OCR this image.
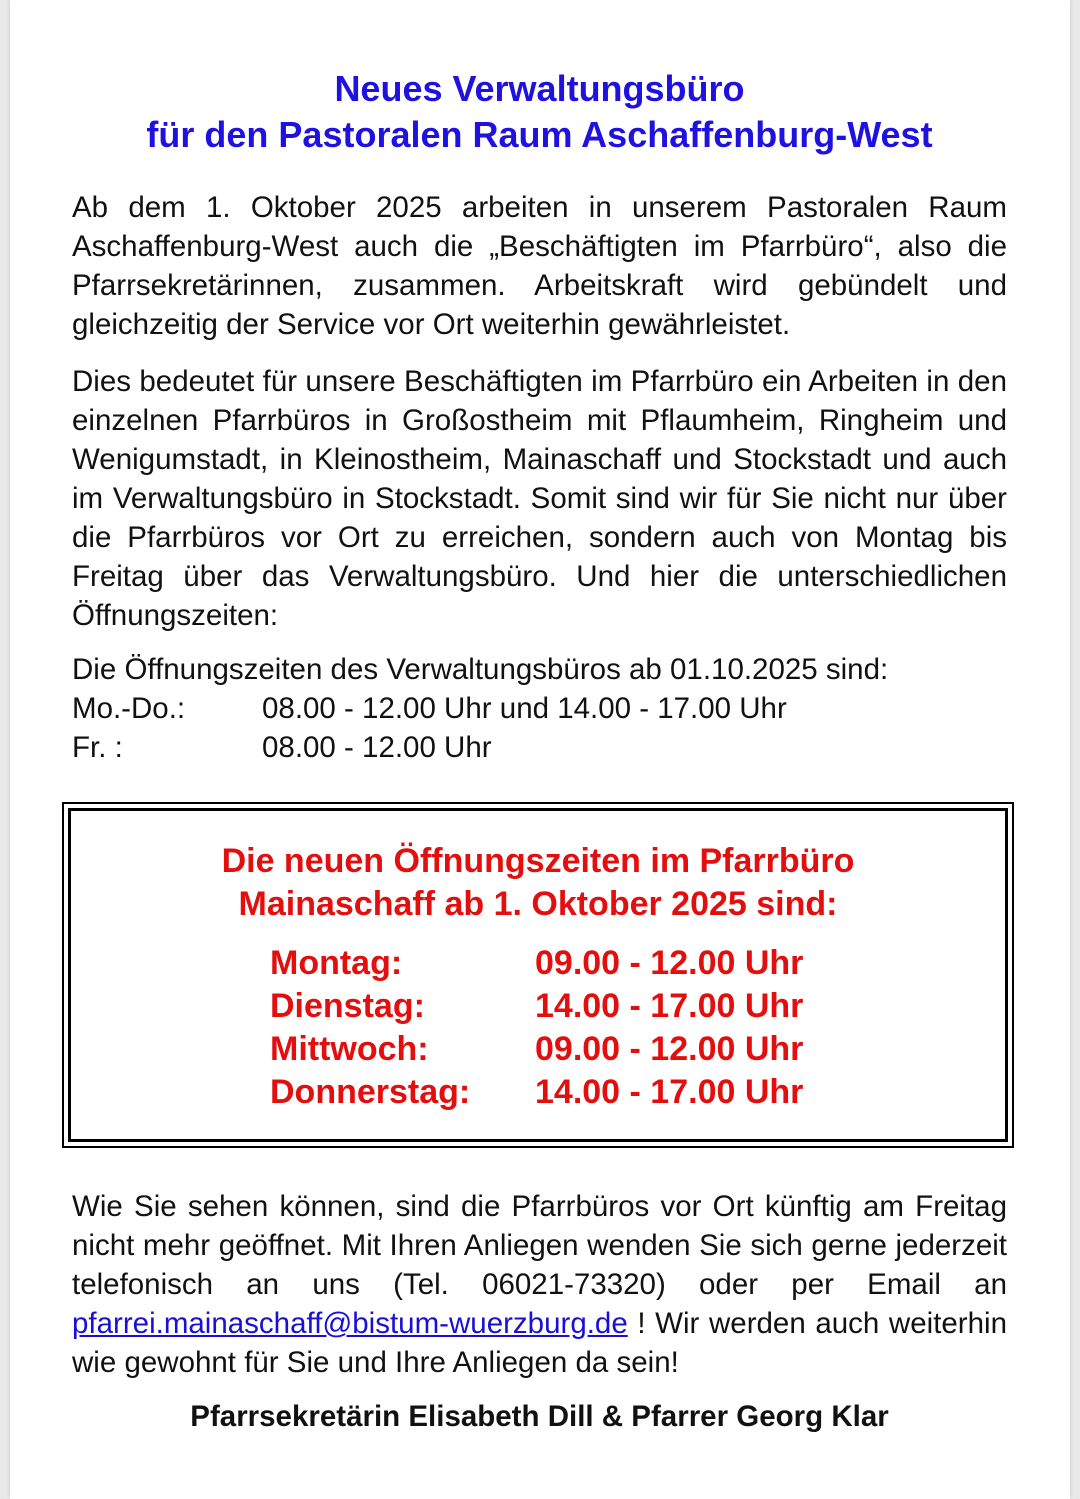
Neues Verwaltungsbüro
für den Pastoralen Raum Aschaffenburg-West
Ab dem 1. Oktober 2025 arbeiten in unserem Pastoralen Raum Aschaffenburg-West auch die „Beschäftigten im Pfarrbüro“, also die Pfarrsekretärinnen, zusammen. Arbeitskraft wird gebündelt und gleichzeitig der Service vor Ort weiterhin gewährleistet.
Dies bedeutet für unsere Beschäftigten im Pfarrbüro ein Arbeiten in den einzelnen Pfarrbüros in Großostheim mit Pflaumheim, Ringheim und Wenigumstadt, in Kleinostheim, Mainaschaff und Stockstadt und auch im Verwaltungsbüro in Stockstadt. Somit sind wir für Sie nicht nur über die Pfarrbüros vor Ort zu erreichen, sondern auch von Montag bis Freitag über das Verwaltungsbüro. Und hier die unterschiedlichen Öffnungszeiten:
Die Öffnungszeiten des Verwaltungsbüros ab 01.10.2025 sind:
Mo.-Do.:	08.00 - 12.00 Uhr und 14.00 - 17.00 Uhr
Fr. :	08.00 - 12.00 Uhr
Wie Sie sehen können, sind die Pfarrbüros vor Ort künftig am Freitag nicht mehr geöffnet. Mit Ihren Anliegen wenden Sie sich gerne jederzeit telefonisch an uns (Tel. 06021-73320) oder per Email an pfarrei.mainaschaff@bistum-wuerzburg.de ! Wir werden auch weiterhin wie gewohnt für Sie und Ihre Anliegen da sein!
Pfarrsekretärin Elisabeth Dill & Pfarrer Georg Klar
Die neuen Öffnungszeiten im Pfarrbüro
Mainaschaff ab 1. Oktober 2025 sind:
Montag:	09.00 - 12.00 Uhr
Dienstag:	14.00 - 17.00 Uhr
Mittwoch:	09.00 - 12.00 Uhr
Donnerstag: 14.00 - 17.00 Uhr
